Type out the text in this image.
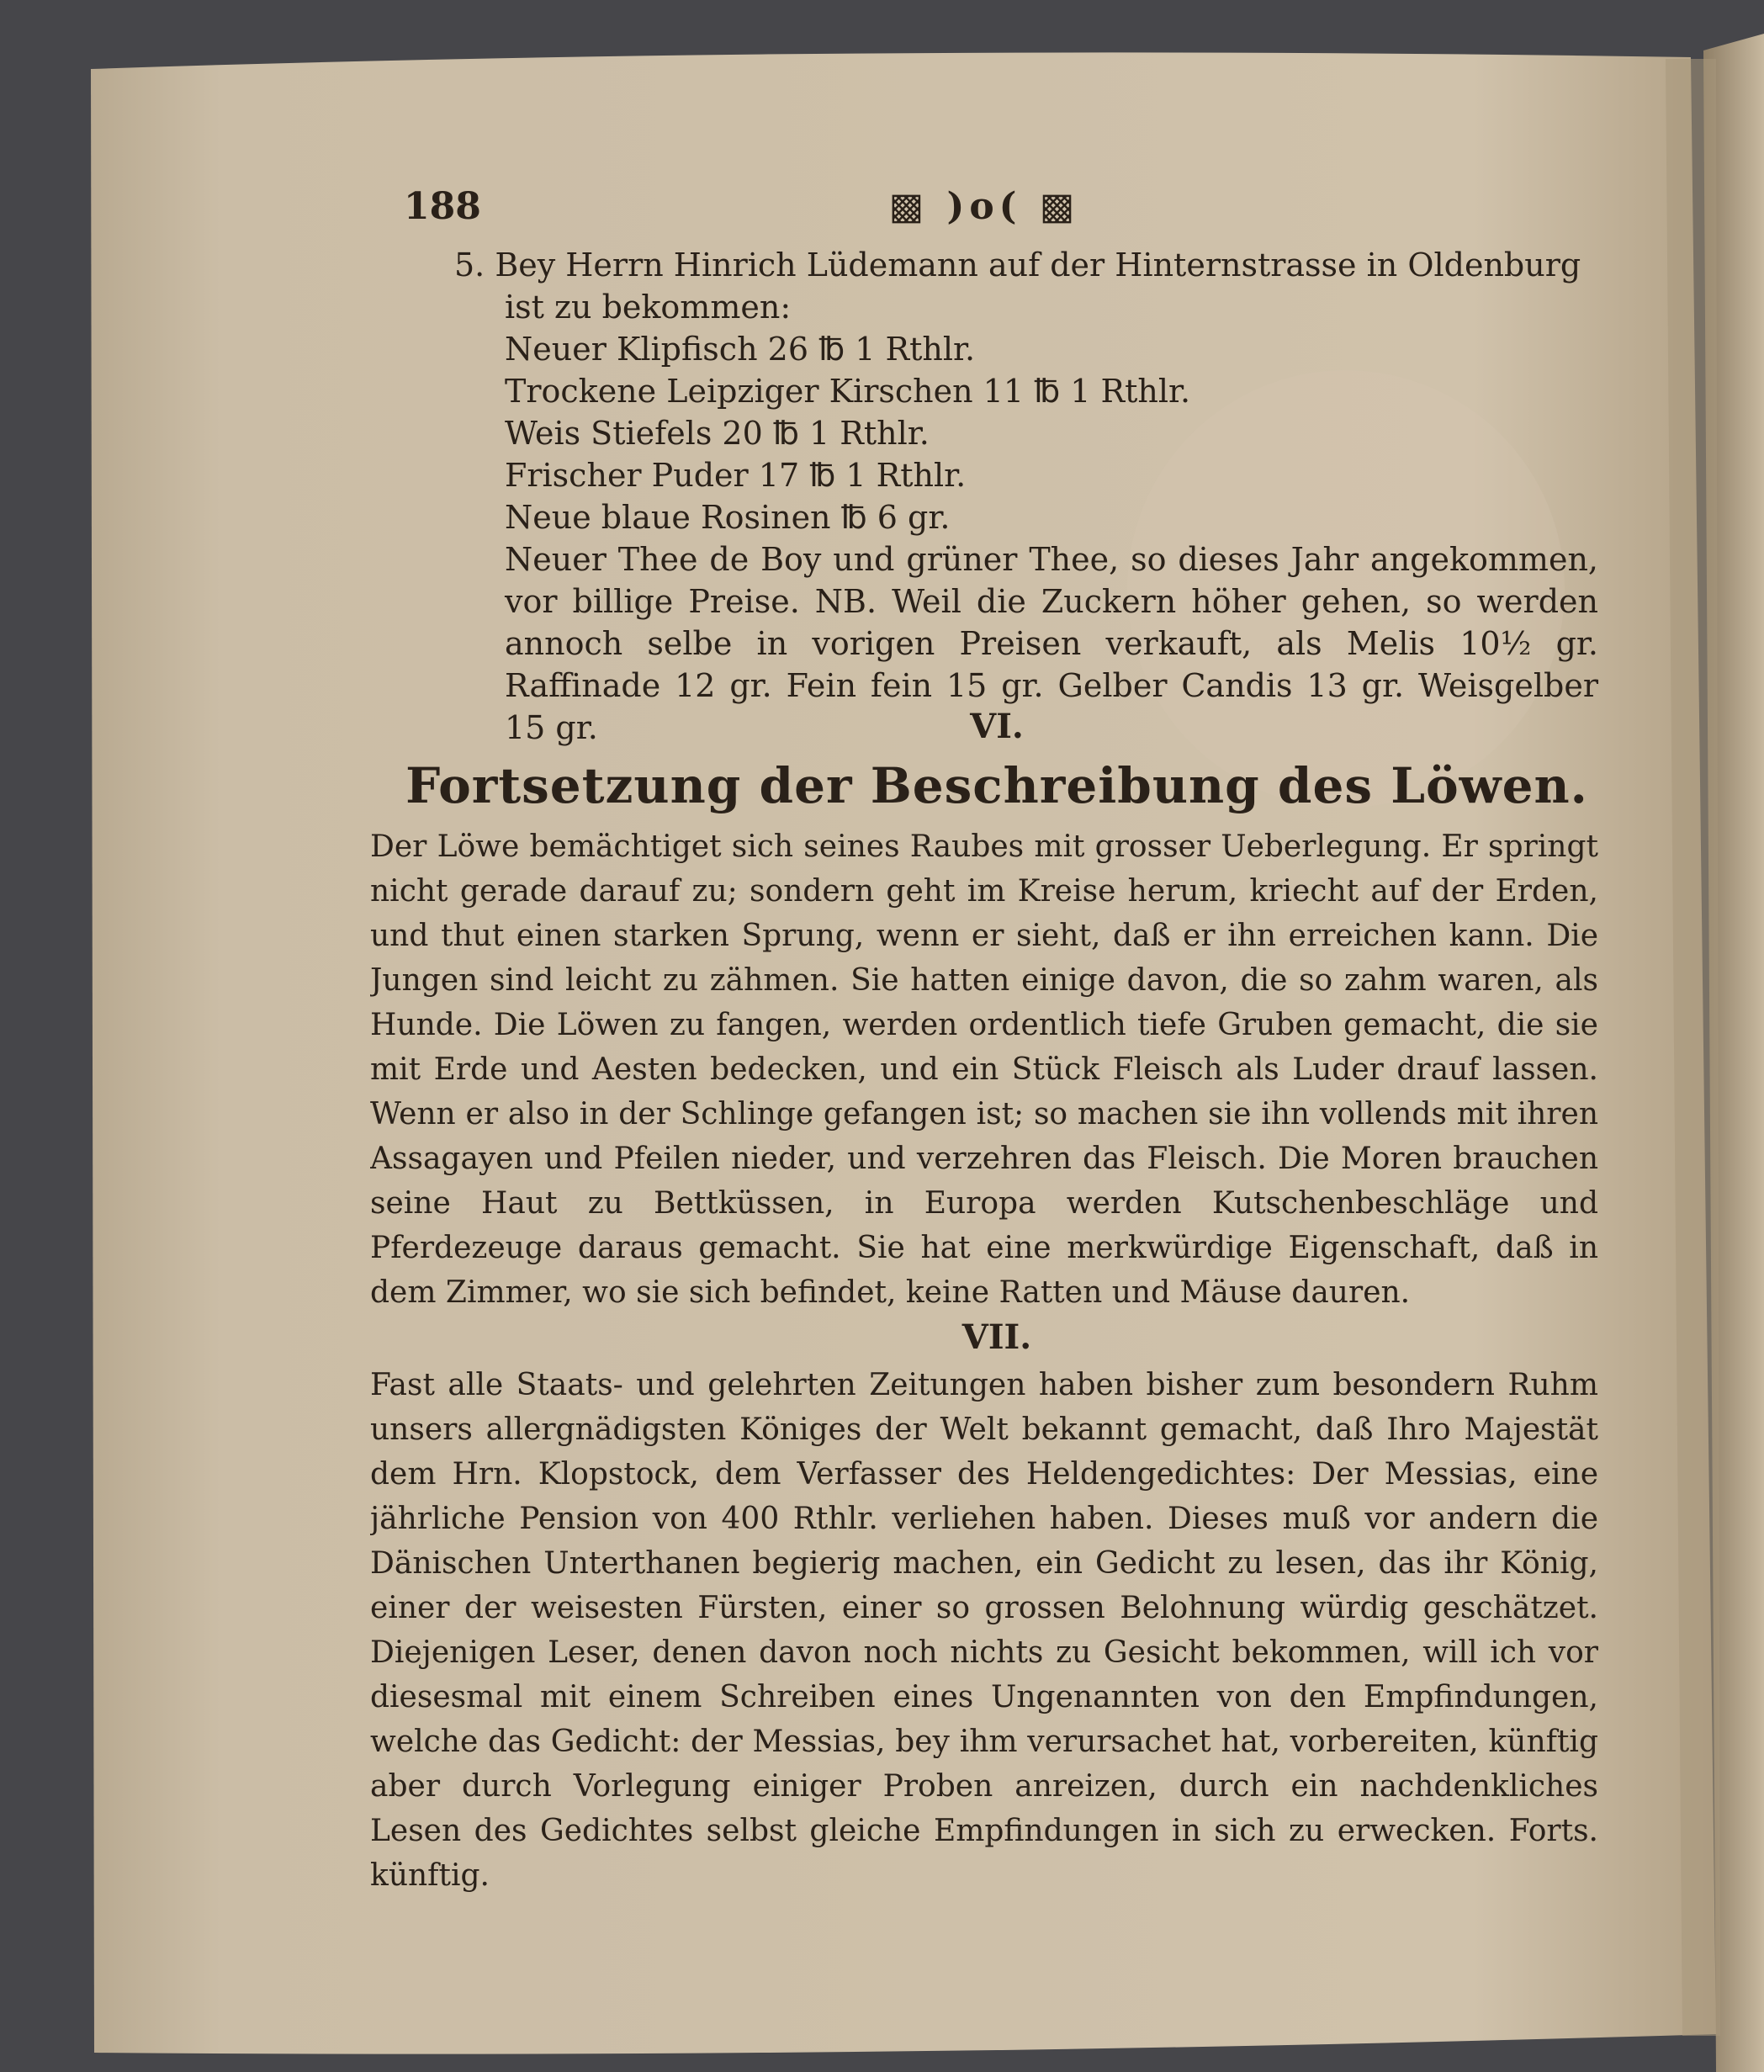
188	▩ )o( ▩
5. Bey Herrn Hinrich Lüdemann auf der Hinternstrasse in Oldenburg ist zu bekommen:
Neuer Klipfisch 26 ℔ 1 Rthlr.
Trockene Leipziger Kirschen 11 ℔ 1 Rthlr.
Weis Stiefels 20 ℔ 1 Rthlr.
Frischer Puder 17 ℔ 1 Rthlr.
Neue blaue Rosinen ℔ 6 gr.
Neuer Thee de Boy und grüner Thee, so dieses Jahr angekommen, vor billige Preise. NB. Weil die Zuckern höher gehen, so werden annoch selbe in vorigen Preisen verkauft, als Melis 10½ gr. Raffinade 12 gr. Fein fein 15 gr. Gelber Candis 13 gr. Weisgelber 15 gr.	VI.
Fortsetzung der Beschreibung des Löwen.
Der Löwe bemächtiget sich seines Raubes mit grosser Ueberlegung. Er springt nicht gerade darauf zu; sondern geht im Kreise herum, kriecht auf der Erden, und thut einen starken Sprung, wenn er sieht, daß er ihn erreichen kann. Die Jungen sind leicht zu zähmen. Sie hatten einige davon, die so zahm waren, als Hunde. Die Löwen zu fangen, werden ordentlich tiefe Gruben gemacht, die sie mit Erde und Aesten bedecken, und ein Stück Fleisch als Luder drauf lassen. Wenn er also in der Schlinge gefangen ist; so machen sie ihn vollends mit ihren Assagayen und Pfeilen nieder, und verzehren das Fleisch. Die Moren brauchen seine Haut zu Bettküssen, in Europa werden Kutschenbeschläge und Pferdezeuge daraus gemacht. Sie hat eine merkwürdige Eigenschaft, daß in dem Zimmer, wo sie sich befindet, keine Ratten und Mäuse dauren.
VII.
Fast alle Staats- und gelehrten Zeitungen haben bisher zum besondern Ruhm unsers allergnädigsten Königes der Welt bekannt gemacht, daß Ihro Majestät dem Hrn. Klopstock, dem Verfasser des Heldengedichtes: Der Messias, eine jährliche Pension von 400 Rthlr. verliehen haben. Dieses muß vor andern die Dänischen Unterthanen begierig machen, ein Gedicht zu lesen, das ihr König, einer der weisesten Fürsten, einer so grossen Belohnung würdig geschätzet. Diejenigen Leser, denen davon noch nichts zu Gesicht bekommen, will ich vor diesesmal mit einem Schreiben eines Ungenannten von den Empfindungen, welche das Gedicht: der Messias, bey ihm verursachet hat, vorbereiten, künftig aber durch Vorlegung einiger Proben anreizen, durch ein nachdenkliches Lesen des Gedichtes selbst gleiche Empfindungen in sich zu erwecken. Forts. künftig.
